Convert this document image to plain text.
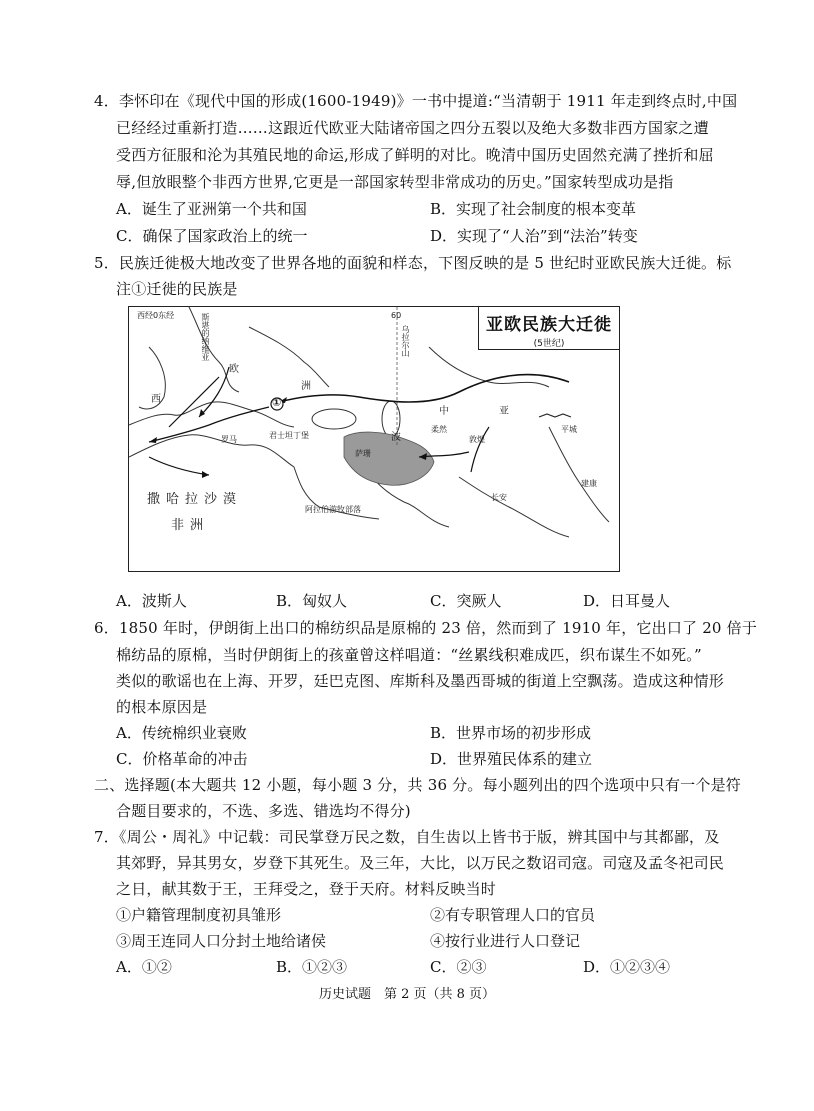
4．李怀印在《现代中国的形成(1600-1949)》一书中提道:“当清朝于 1911 年走到终点时,中国
已经经过重新打造……这跟近代欧亚大陆诸帝国之四分五裂以及绝大多数非西方国家之遭
受西方征服和沦为其殖民地的命运,形成了鲜明的对比。晚清中国历史固然充满了挫折和屈
辱,但放眼整个非西方世界,它更是一部国家转型非常成功的历史。”国家转型成功是指
A．诞生了亚洲第一个共和国	B．实现了社会制度的根本变革
C．确保了国家政治上的统一	D．实现了“人治”到“法治”转变
5．民族迁徙极大地改变了世界各地的面貌和样态，下图反映的是 5 世纪时亚欧民族大迁徙。标
注①迁徙的民族是
亚欧民族大迁徙
(5世纪)
西经0东经	60
斯堪的纳维亚	乌拉尔山
欧
洲
西	①
罗马	君士坦丁堡
萨珊
波
阿拉伯游牧部落
撒哈拉沙漠
非洲
中	亚
柔然
敦煌
平城
建康
长安
A．波斯人	B．匈奴人	C．突厥人	D．日耳曼人
6．1850 年时，伊朗街上出口的棉纺织品是原棉的 23 倍，然而到了 1910 年，它出口了 20 倍于
棉纺品的原棉，当时伊朗街上的孩童曾这样唱道：“丝累线积难成匹，织布谋生不如死。”
类似的歌谣也在上海、开罗，廷巴克图、库斯科及墨西哥城的街道上空飘荡。造成这种情形
的根本原因是
A．传统棉织业衰败	B．世界市场的初步形成
C．价格革命的冲击	D．世界殖民体系的建立
二、选择题(本大题共 12 小题，每小题 3 分，共 36 分。每小题列出的四个选项中只有一个是符
合题目要求的，不选、多选、错选均不得分)
7．《周公・周礼》中记载：司民掌登万民之数，自生齿以上皆书于版，辨其国中与其都鄙，及
其郊野，异其男女，岁登下其死生。及三年，大比，以万民之数诏司寇。司寇及孟冬祀司民
之日，献其数于王，王拜受之，登于天府。材料反映当时
①户籍管理制度初具雏形	②有专职管理人口的官员
③周王连同人口分封土地给诸侯	④按行业进行人口登记
A．①②	B．①②③	C．②③	D．①②③④
历史试题　第 2 页（共 8 页）
